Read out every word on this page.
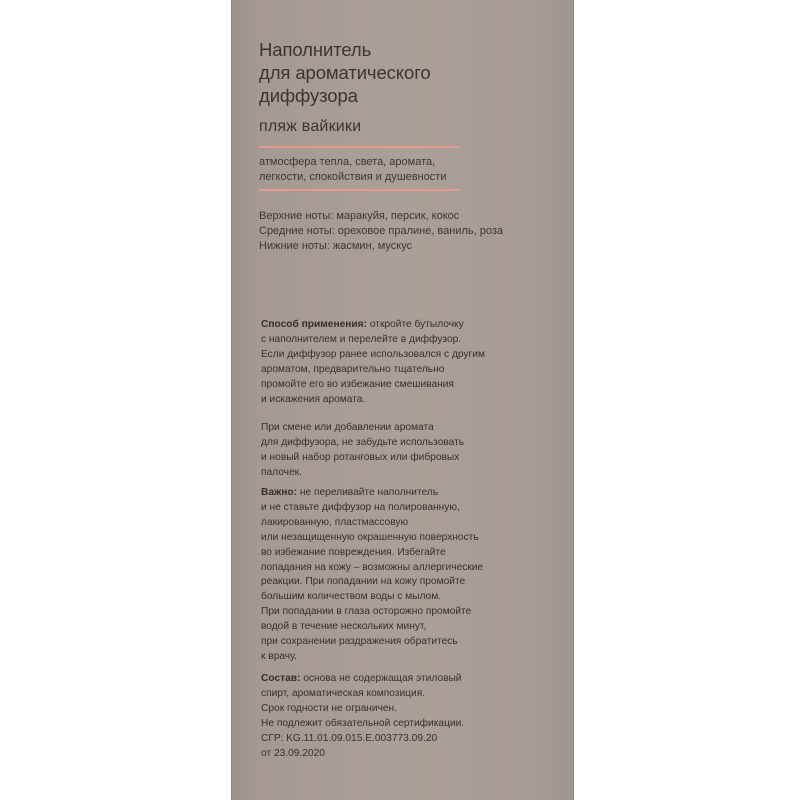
Наполнитель
для ароматического
диффузора
пляж вайкики
атмосфера тепла, света, аромата,
легкости, спокойствия и душевности
Верхние ноты: маракуйя, персик, кокос
Средние ноты: ореховое пралине, ваниль, роза
Нижние ноты: жасмин, мускус
Способ применения: откройте бутылочку
с наполнителем и перелейте в диффузор.
Если диффузор ранее использовался с другим
ароматом, предварительно тщательно
промойте его во избежание смешивания
и искажения аромата.
При смене или добавлении аромата
для диффузора, не забудьте использовать
и новый набор ротанговых или фибровых
палочек.
Важно: не переливайте наполнитель
и не ставьте диффузор на полированную,
лакированную, пластмассовую
или незащищенную окрашенную поверхность
во избежание повреждения. Избегайте
попадания на кожу – возможны аллергические
реакции. При попадании на кожу промойте
большим количеством воды с мылом.
При попадании в глаза осторожно промойте
водой в течение нескольких минут,
при сохранении раздражения обратитесь
к врачу.
Состав: основа не содержащая этиловый
спирт, ароматическая композиция.
Срок годности не ограничен.
Не подлежит обязательной сертификации.
СГР: KG.11.01.09.015.E.003773.09.20
от 23.09.2020
